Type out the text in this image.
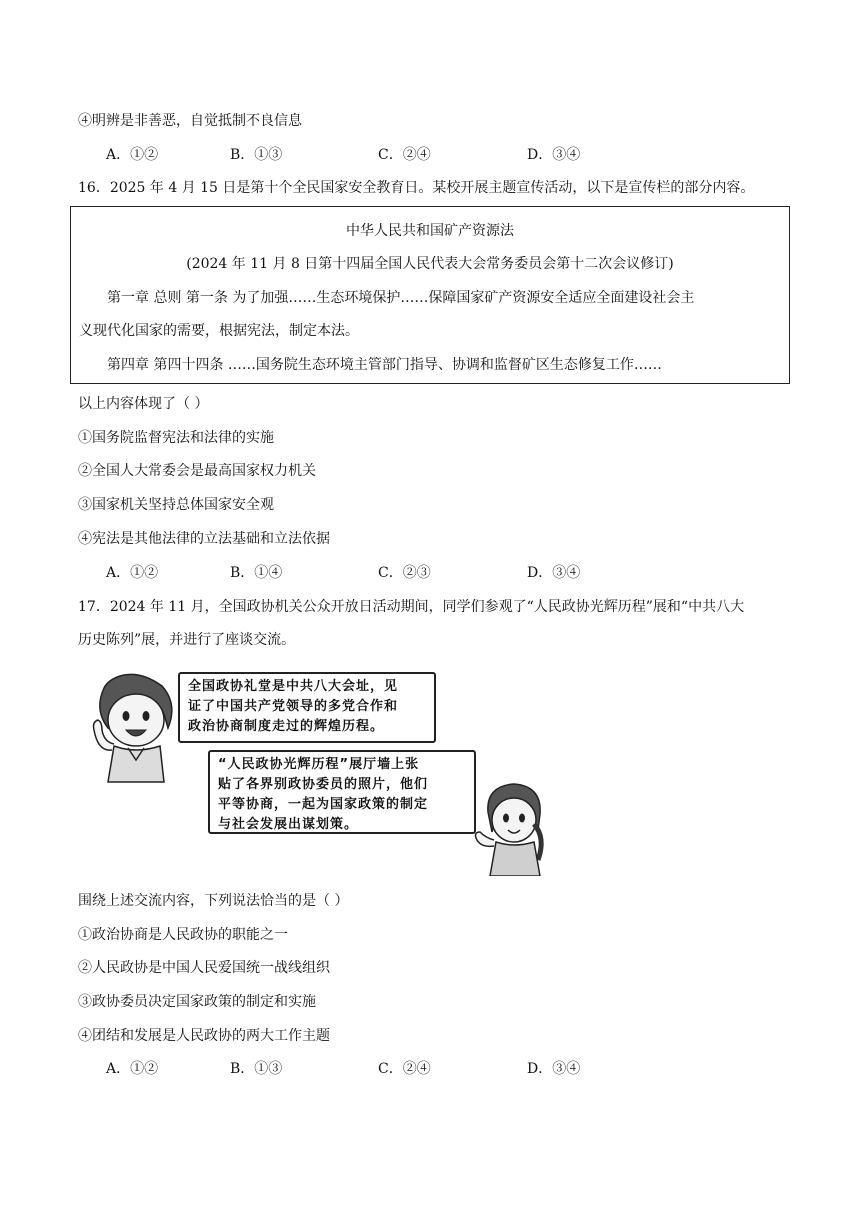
④明辨是非善恶，自觉抵制不良信息
A．①②	B．①③	C．②④	D．③④
16．2025 年 4 月 15 日是第十个全民国家安全教育日。某校开展主题宣传活动，以下是宣传栏的部分内容。
中华人民共和国矿产资源法
(2024 年 11 月 8 日第十四届全国人民代表大会常务委员会第十二次会议修订)
第一章 总则 第一条 为了加强……生态环境保护……保障国家矿产资源安全适应全面建设社会主
义现代化国家的需要，根据宪法，制定本法。
第四章 第四十四条 ……国务院生态环境主管部门指导、协调和监督矿区生态修复工作……
以上内容体现了（ ）
①国务院监督宪法和法律的实施
②全国人大常委会是最高国家权力机关
③国家机关坚持总体国家安全观
④宪法是其他法律的立法基础和立法依据
A．①②	B．①④	C．②③	D．③④
17．2024 年 11 月，全国政协机关公众开放日活动期间，同学们参观了“人民政协光辉历程”展和“中共八大
历史陈列”展，并进行了座谈交流。
全国政协礼堂是中共八大会址，见
证了中国共产党领导的多党合作和
政治协商制度走过的辉煌历程。
“人民政协光辉历程”展厅墙上张
贴了各界别政协委员的照片，他们
平等协商，一起为国家政策的制定
与社会发展出谋划策。
围绕上述交流内容，下列说法恰当的是（ ）
①政治协商是人民政协的职能之一
②人民政协是中国人民爱国统一战线组织
③政协委员决定国家政策的制定和实施
④团结和发展是人民政协的两大工作主题
A．①②	B．①③	C．②④	D．③④
